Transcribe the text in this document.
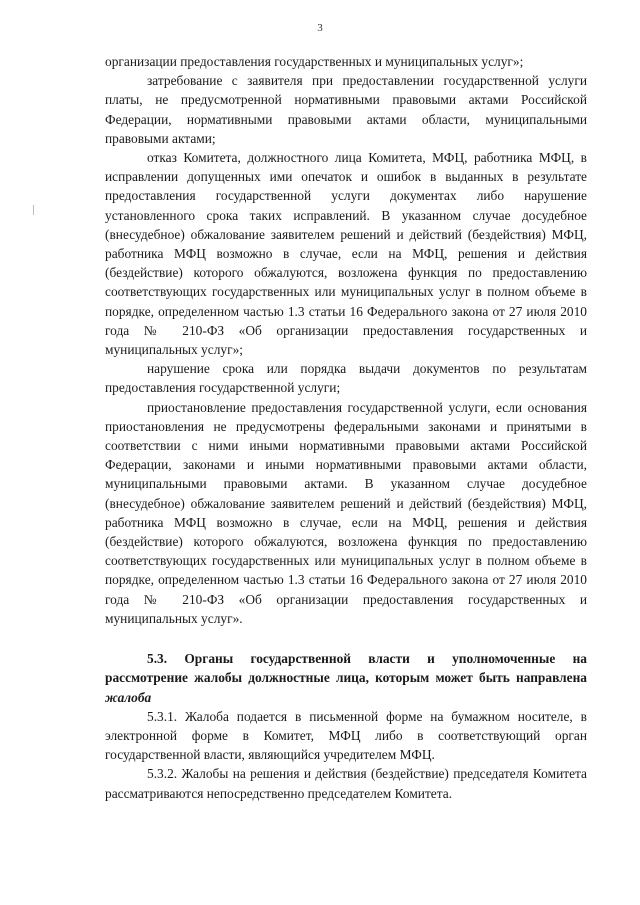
3

организации предоставления государственных и муниципальных услуг»;

затребование с заявителя при предоставлении государственной услуги платы, не предусмотренной нормативными правовыми актами Российской Федерации, нормативными правовыми актами области, муниципальными правовыми актами;

отказ Комитета, должностного лица Комитета, МФЦ, работника МФЦ, в исправлении допущенных ими опечаток и ошибок в выданных в результате предоставления государственной услуги документах либо нарушение установленного срока таких исправлений. В указанном случае досудебное (внесудебное) обжалование заявителем решений и действий (бездействия) МФЦ, работника МФЦ возможно в случае, если на МФЦ, решения и действия (бездействие) которого обжалуются, возложена функция по предоставлению соответствующих государственных или муниципальных услуг в полном объеме в порядке, определенном частью 1.3 статьи 16 Федерального закона от 27 июля 2010 года № 210-ФЗ «Об организации предоставления государственных и муниципальных услуг»;

нарушение срока или порядка выдачи документов по результатам предоставления государственной услуги;

приостановление предоставления государственной услуги, если основания приостановления не предусмотрены федеральными законами и принятыми в соответствии с ними иными нормативными правовыми актами Российской Федерации, законами и иными нормативными правовыми актами области, муниципальными правовыми актами. В указанном случае досудебное (внесудебное) обжалование заявителем решений и действий (бездействия) МФЦ, работника МФЦ возможно в случае, если на МФЦ, решения и действия (бездействие) которого обжалуются, возложена функция по предоставлению соответствующих государственных или муниципальных услуг в полном объеме в порядке, определенном частью 1.3 статьи 16 Федерального закона от 27 июля 2010 года № 210-ФЗ «Об организации предоставления государственных и муниципальных услуг».

5.3. Органы государственной власти и уполномоченные на рассмотрение жалобы должностные лица, которым может быть направлена жалоба

5.3.1. Жалоба подается в письменной форме на бумажном носителе, в электронной форме в Комитет, МФЦ либо в соответствующий орган государственной власти, являющийся учредителем МФЦ.

5.3.2. Жалобы на решения и действия (бездействие) председателя Комитета рассматриваются непосредственно председателем Комитета.
